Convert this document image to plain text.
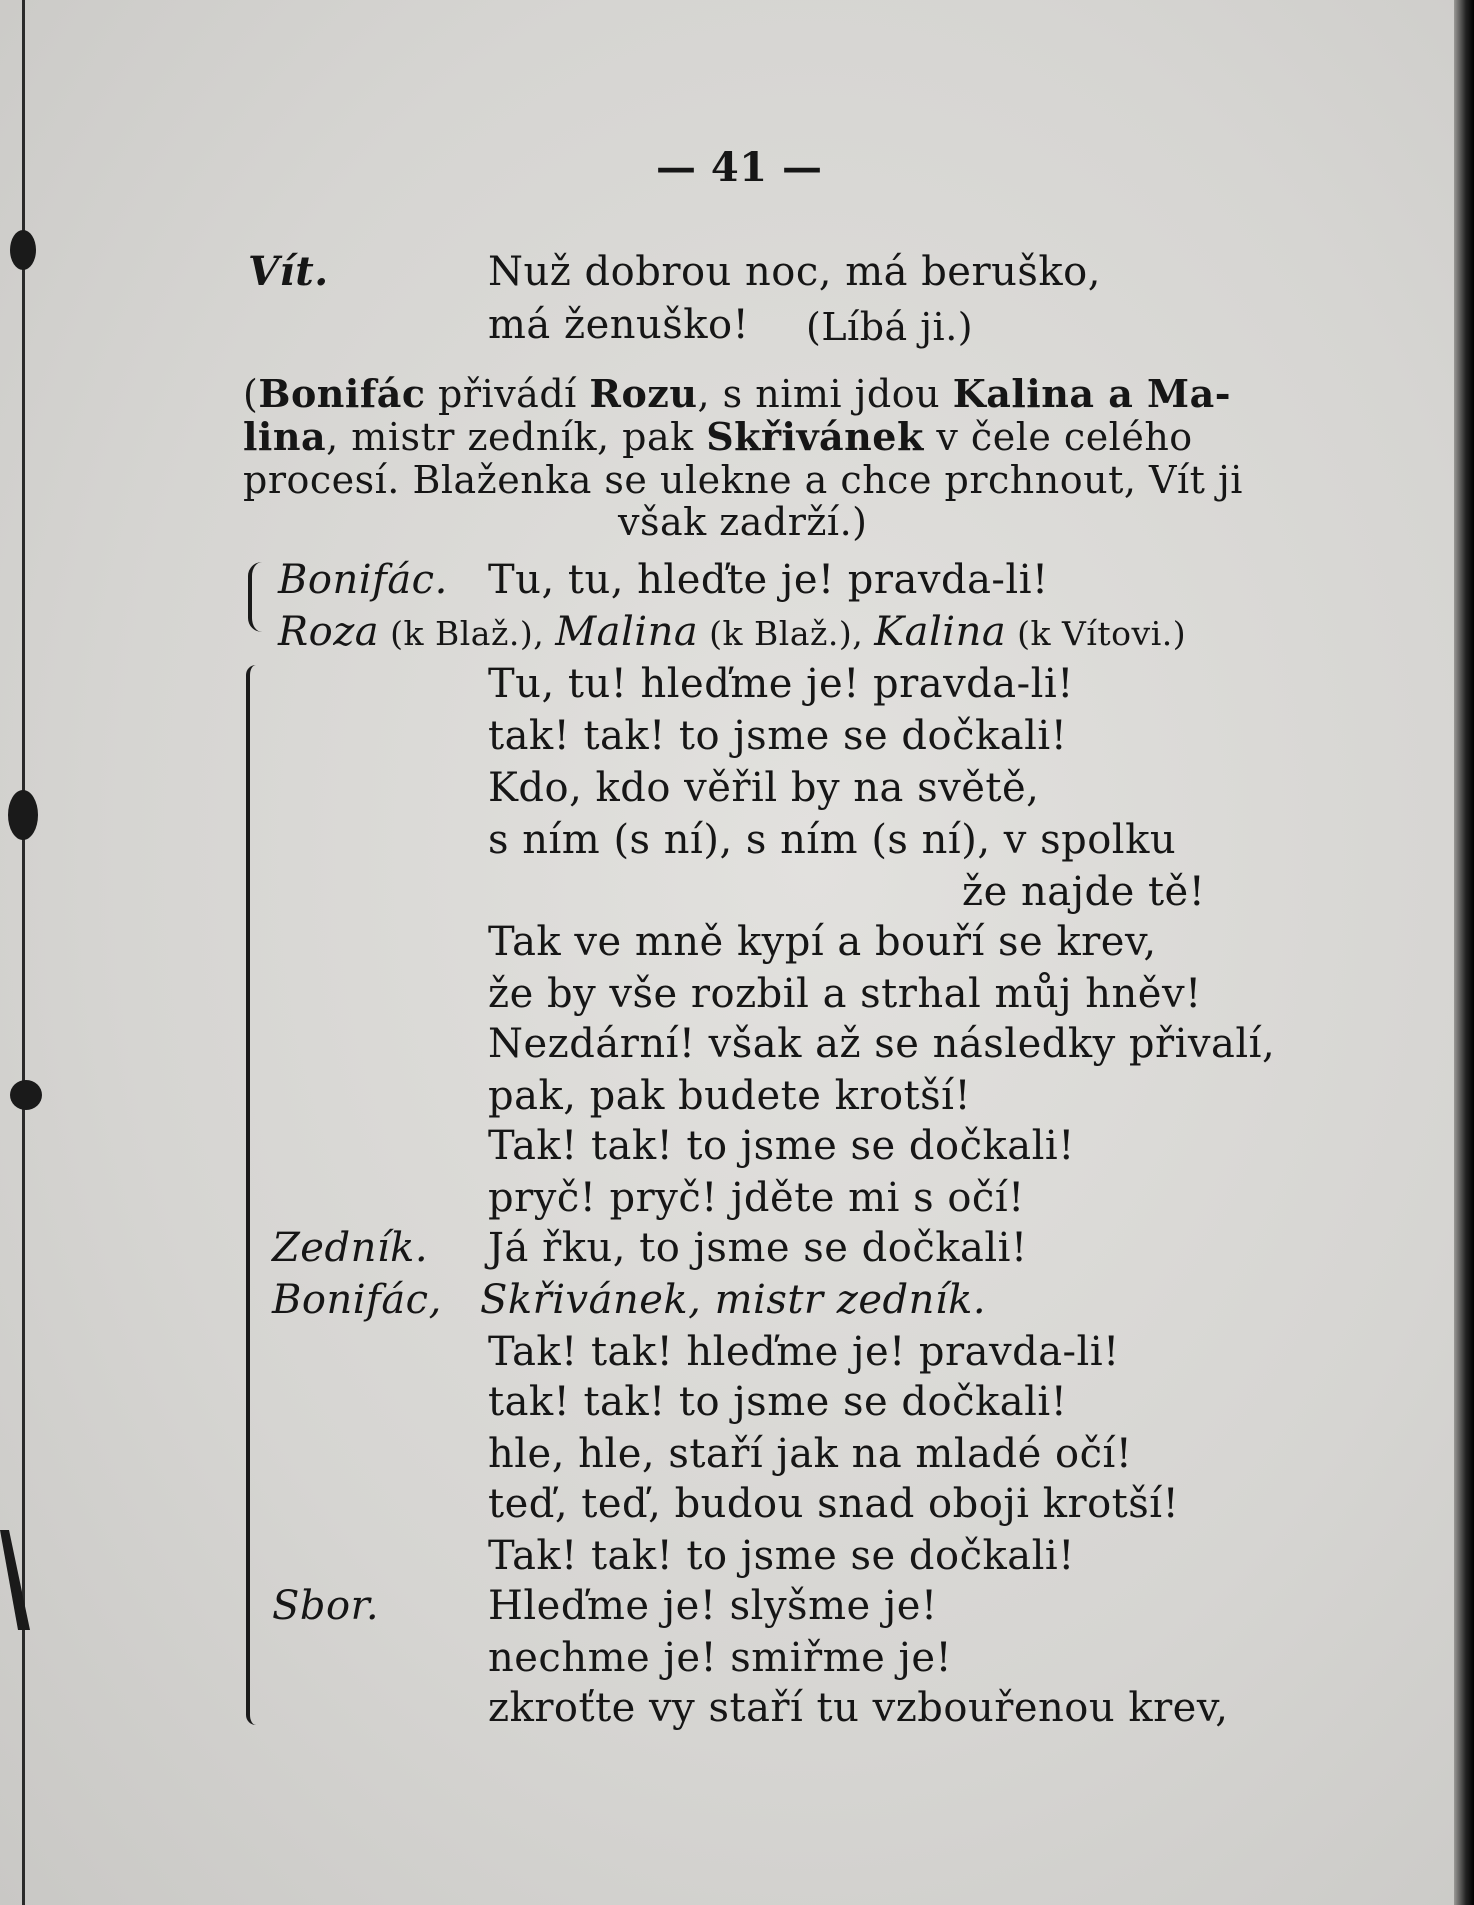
— 41 —
Vít.	Nuž dobrou noc, má beruško,
má ženuško! (Líbá ji.)
(Bonifác přivádí Rozu, s nimi jdou Kalina a Ma-
lina, mistr zedník, pak Skřivánek v čele celého
procesí. Blaženka se ulekne a chce prchnout, Vít ji
však zadrží.)
Bonifác. Tu, tu, hleďte je! pravda-li!
Roza (k Blaž.), Malina (k Blaž.), Kalina (k Vítovi.)
Tu, tu! hleďme je! pravda-li!
tak! tak! to jsme se dočkali!
Kdo, kdo věřil by na světě,
s ním (s ní), s ním (s ní), v spolku
že najde tě!
Tak ve mně kypí a bouří se krev,
že by vše rozbil a strhal můj hněv!
Nezdární! však až se následky přivalí,
pak, pak budete krotší!
Tak! tak! to jsme se dočkali!
pryč! pryč! jděte mi s očí!
Zedník. Já řku, to jsme se dočkali!
Bonifác, Skřivánek, mistr zedník.
Tak! tak! hleďme je! pravda-li!
tak! tak! to jsme se dočkali!
hle, hle, staří jak na mladé očí!
teď, teď, budou snad oboji krotší!
Tak! tak! to jsme se dočkali!
Sbor.	Hleďme je! slyšme je!
nechme je! smiřme je!
zkroťte vy staří tu vzbouřenou krev,
